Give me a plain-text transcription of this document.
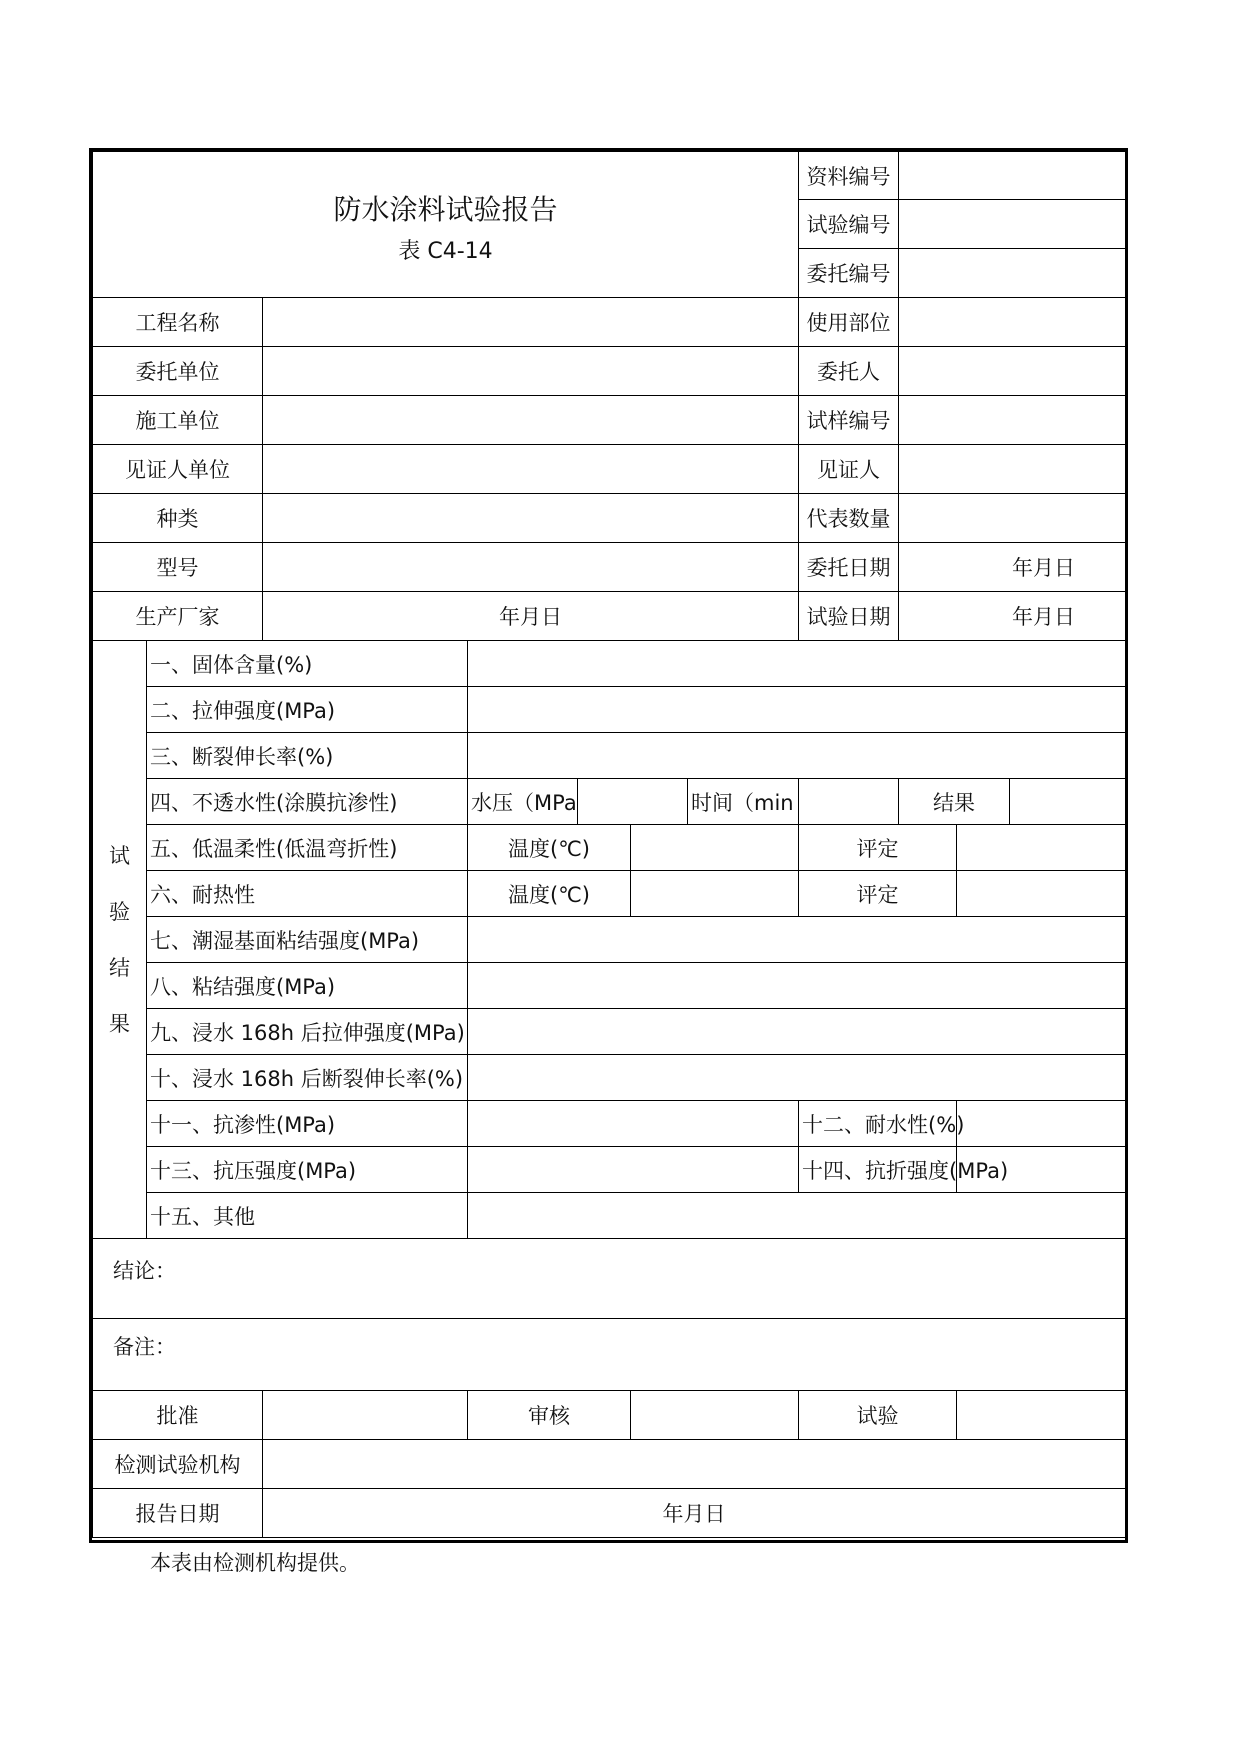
防水涂料试验报告
表 C4-14							资料编号			
							试验编号			
							委托编号			
工程名称							使用部位			
委托单位							委托人			
施工单位							试样编号			
见证人单位							见证人			
种类							代表数量			
型号							委托日期	年月日		
生产厂家		年月日					试验日期	年月日		

试
验
结
果	一、固体含量(%)									
	二、拉伸强度(MPa)									
	三、断裂伸长率(%)									
	四、不透水性(涂膜抗渗性)		水压（MPa			时间（min		结果		
	五、低温柔性(低温弯折性)		温度(℃)				评定			
	六、耐热性		温度(℃)				评定			
	七、潮湿基面粘结强度(MPa)									
	八、粘结强度(MPa)									
	九、浸水 168h 后拉伸强度(MPa)									
	十、浸水 168h 后断裂伸长率(%)									
	十一、抗渗性(MPa)						十二、耐水性(%)			
	十三、抗压强度(MPa)						十四、抗折强度(MPa)			
	十五、其他									
结论：										
备注：										
批准			审核				试验			
检测试验机构										
报告日期		年月日								
本表由检测机构提供。
